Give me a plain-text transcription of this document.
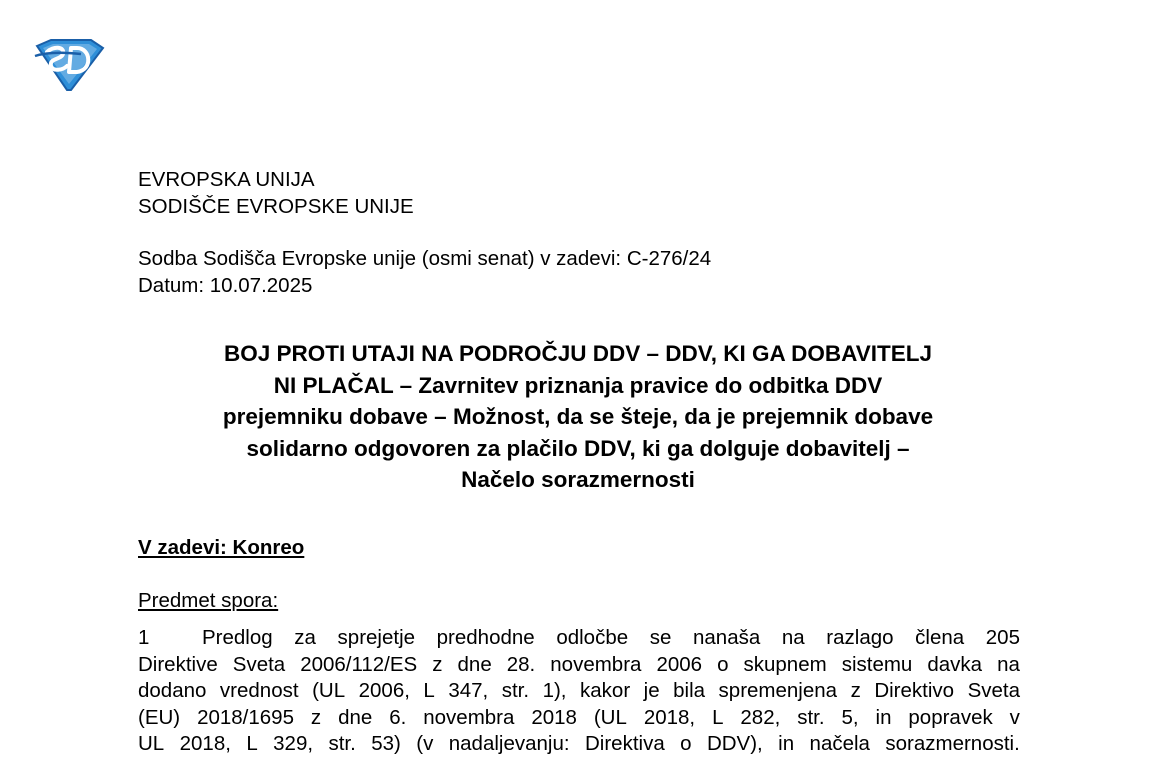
EVROPSKA UNIJA
SODIŠČE EVROPSKE UNIJE
Sodba Sodišča Evropske unije (osmi senat) v zadevi: C-276/24
Datum: 10.07.2025
BOJ PROTI UTAJI NA PODROČJU DDV – DDV, KI GA DOBAVITELJ
NI PLAČAL – Zavrnitev priznanja pravice do odbitka DDV
prejemniku dobave – Možnost, da se šteje, da je prejemnik dobave
solidarno odgovoren za plačilo DDV, ki ga dolguje dobavitelj –
Načelo sorazmernosti
V zadevi: Konreo
Predmet spora:
1	Predlog za sprejetje predhodne odločbe se nanaša na razlago člena 205
Direktive Sveta 2006/112/ES z dne 28. novembra 2006 o skupnem sistemu davka na
dodano vrednost (UL 2006, L 347, str. 1), kakor je bila spremenjena z Direktivo Sveta
(EU) 2018/1695 z dne 6. novembra 2018 (UL 2018, L 282, str. 5, in popravek v
UL 2018, L 329, str. 53) (v nadaljevanju: Direktiva o DDV), in načela sorazmernosti.
